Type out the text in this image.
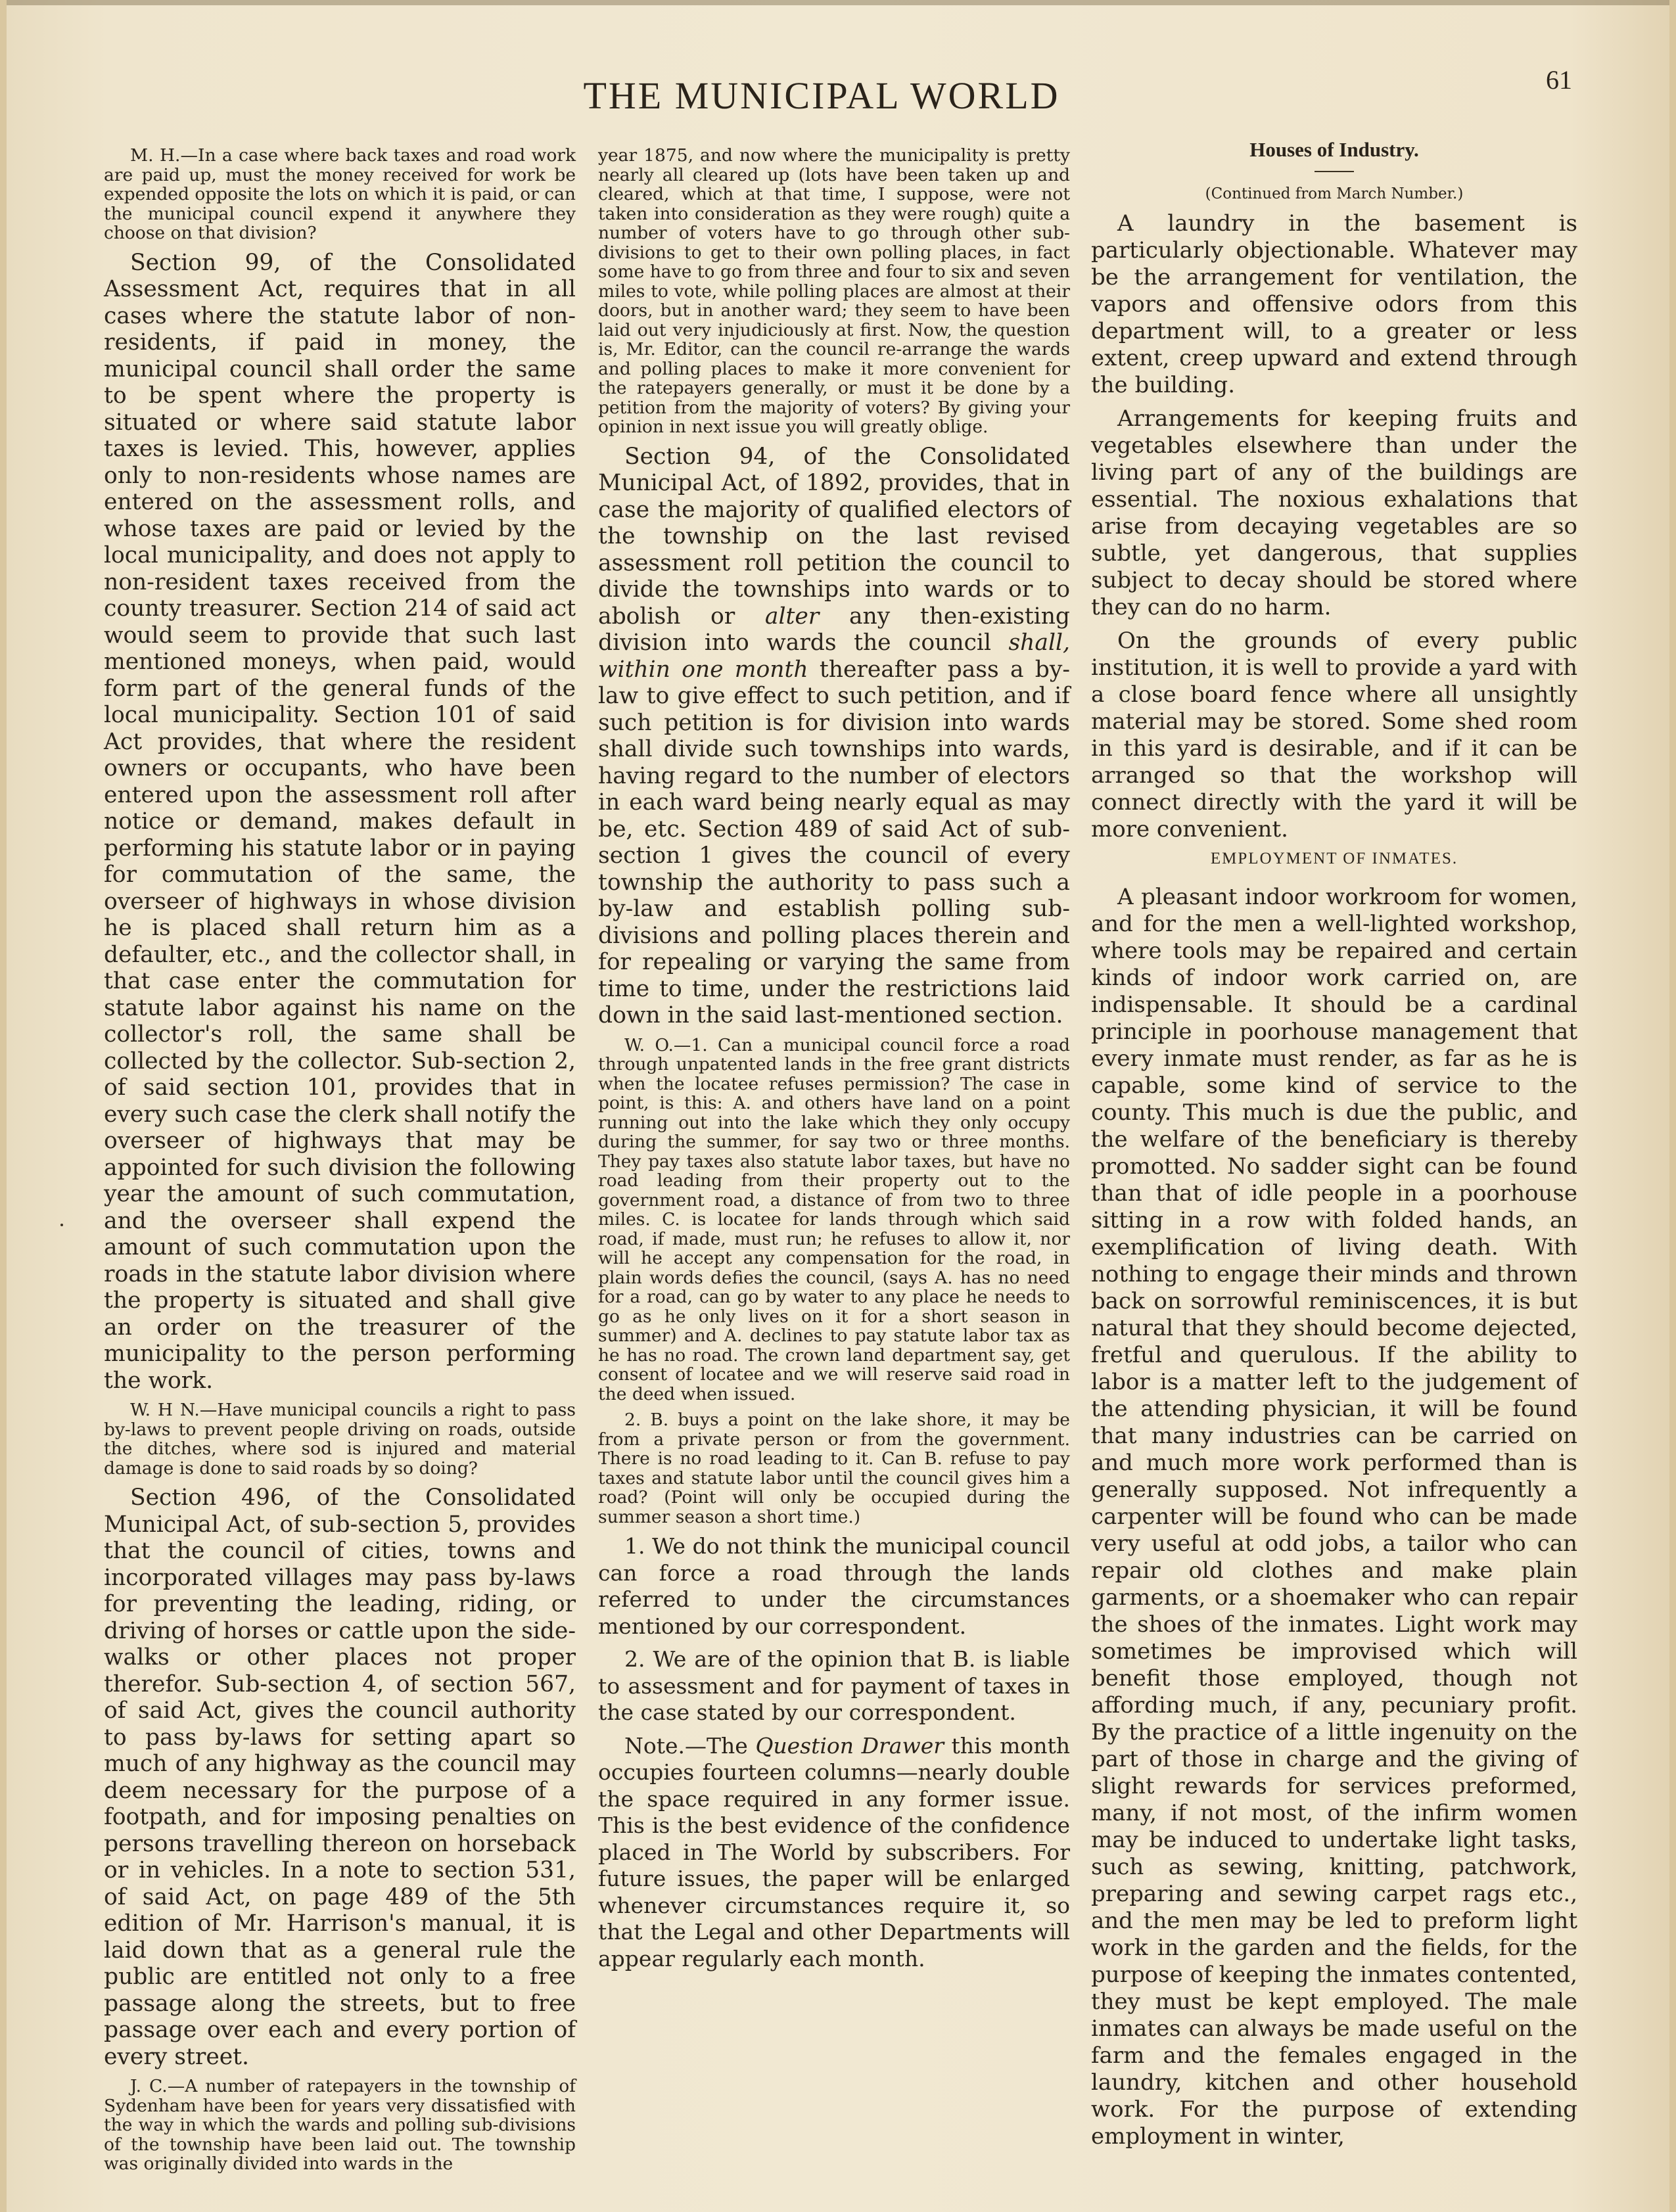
THE MUNICIPAL WORLD	61

M. H.—In a case where back taxes and road work are paid up, must the money received for work be expended opposite the lots on which it is paid, or can the municipal council expend it anywhere they choose on that division?

Section 99, of the Consolidated Assessment Act, requires that in all cases where the statute labor of non-residents, if paid in money, the municipal council shall order the same to be spent where the property is situated or where said statute labor taxes is levied. This, however, applies only to non-residents whose names are entered on the assessment rolls, and whose taxes are paid or levied by the local municipality, and does not apply to non-resident taxes received from the county treasurer. Section 214 of said act would seem to provide that such last mentioned moneys, when paid, would form part of the general funds of the local municipality. Section 101 of said Act provides, that where the resident owners or occupants, who have been entered upon the assessment roll after notice or demand, makes default in performing his statute labor or in paying for commutation of the same, the overseer of highways in whose division he is placed shall return him as a defaulter, etc., and the collector shall, in that case enter the commutation for statute labor against his name on the collector's roll, the same shall be collected by the collector. Sub-section 2, of said section 101, provides that in every such case the clerk shall notify the overseer of highways that may be appointed for such division the following year the amount of such commutation, and the overseer shall expend the amount of such commutation upon the roads in the statute labor division where the property is situated and shall give an order on the treasurer of the municipality to the person performing the work.

W. H N.—Have municipal councils a right to pass by-laws to prevent people driving on roads, outside the ditches, where sod is injured and material damage is done to said roads by so doing?

Section 496, of the Consolidated Municipal Act, of sub-section 5, provides that the council of cities, towns and incorporated villages may pass by-laws for preventing the leading, riding, or driving of horses or cattle upon the side-walks or other places not proper therefor. Sub-section 4, of section 567, of said Act, gives the council authority to pass by-laws for setting apart so much of any highway as the council may deem necessary for the purpose of a footpath, and for imposing penalties on persons travelling thereon on horseback or in vehicles. In a note to section 531, of said Act, on page 489 of the 5th edition of Mr. Harrison's manual, it is laid down that as a general rule the public are entitled not only to a free passage along the streets, but to free passage over each and every portion of every street.

J. C.—A number of ratepayers in the township of Sydenham have been for years very dissatisfied with the way in which the wards and polling sub-divisions of the township have been laid out. The township was originally divided into wards in the

year 1875, and now where the municipality is pretty nearly all cleared up (lots have been taken up and cleared, which at that time, I suppose, were not taken into consideration as they were rough) quite a number of voters have to go through other sub-divisions to get to their own polling places, in fact some have to go from three and four to six and seven miles to vote, while polling places are almost at their doors, but in another ward; they seem to have been laid out very injudiciously at first. Now, the question is, Mr. Editor, can the council re-arrange the wards and polling places to make it more convenient for the ratepayers generally, or must it be done by a petition from the majority of voters? By giving your opinion in next issue you will greatly oblige.

Section 94, of the Consolidated Municipal Act, of 1892, provides, that in case the majority of qualified electors of the township on the last revised assessment roll petition the council to divide the townships into wards or to abolish or alter any then-existing division into wards the council shall, within one month thereafter pass a by-law to give effect to such petition, and if such petition is for division into wards shall divide such townships into wards, having regard to the number of electors in each ward being nearly equal as may be, etc. Section 489 of said Act of sub-section 1 gives the council of every township the authority to pass such a by-law and establish polling sub-divisions and polling places therein and for repealing or varying the same from time to time, under the restrictions laid down in the said last-mentioned section.

W. O.—1. Can a municipal council force a road through unpatented lands in the free grant districts when the locatee refuses permission? The case in point, is this: A. and others have land on a point running out into the lake which they only occupy during the summer, for say two or three months. They pay taxes also statute labor taxes, but have no road leading from their property out to the government road, a distance of from two to three miles. C. is locatee for lands through which said road, if made, must run; he refuses to allow it, nor will he accept any compensation for the road, in plain words defies the council, (says A. has no need for a road, can go by water to any place he needs to go as he only lives on it for a short season in summer) and A. declines to pay statute labor tax as he has no road. The crown land department say, get consent of locatee and we will reserve said road in the deed when issued.

2. B. buys a point on the lake shore, it may be from a private person or from the government. There is no road leading to it. Can B. refuse to pay taxes and statute labor until the council gives him a road? (Point will only be occupied during the summer season a short time.)

1. We do not think the municipal council can force a road through the lands referred to under the circumstances mentioned by our correspondent.

2. We are of the opinion that B. is liable to assessment and for payment of taxes in the case stated by our correspondent.

Note.—The Question Drawer this month occupies fourteen columns—nearly double the space required in any former issue. This is the best evidence of the confidence placed in The World by subscribers. For future issues, the paper will be enlarged whenever circumstances require it, so that the Legal and other Departments will appear regularly each month.

Houses of Industry.
(Continued from March Number.)

A laundry in the basement is particularly objectionable. Whatever may be the arrangement for ventilation, the vapors and offensive odors from this department will, to a greater or less extent, creep upward and extend through the building.

Arrangements for keeping fruits and vegetables elsewhere than under the living part of any of the buildings are essential. The noxious exhalations that arise from decaying vegetables are so subtle, yet dangerous, that supplies subject to decay should be stored where they can do no harm.

On the grounds of every public institution, it is well to provide a yard with a close board fence where all unsightly material may be stored. Some shed room in this yard is desirable, and if it can be arranged so that the workshop will connect directly with the yard it will be more convenient.

EMPLOYMENT OF INMATES.

A pleasant indoor workroom for women, and for the men a well-lighted workshop, where tools may be repaired and certain kinds of indoor work carried on, are indispensable. It should be a cardinal principle in poorhouse management that every inmate must render, as far as he is capable, some kind of service to the county. This much is due the public, and the welfare of the beneficiary is thereby promotted. No sadder sight can be found than that of idle people in a poorhouse sitting in a row with folded hands, an exemplification of living death. With nothing to engage their minds and thrown back on sorrowful reminiscences, it is but natural that they should become dejected, fretful and querulous. If the ability to labor is a matter left to the judgement of the attending physician, it will be found that many industries can be carried on and much more work performed than is generally supposed. Not infrequently a carpenter will be found who can be made very useful at odd jobs, a tailor who can repair old clothes and make plain garments, or a shoemaker who can repair the shoes of the inmates. Light work may sometimes be improvised which will benefit those employed, though not affording much, if any, pecuniary profit. By the practice of a little ingenuity on the part of those in charge and the giving of slight rewards for services preformed, many, if not most, of the infirm women may be induced to undertake light tasks, such as sewing, knitting, patchwork, preparing and sewing carpet rags etc., and the men may be led to preform light work in the garden and the fields, for the purpose of keeping the inmates contented, they must be kept employed. The male inmates can always be made useful on the farm and the females engaged in the laundry, kitchen and other household work. For the purpose of extending employment in winter,
